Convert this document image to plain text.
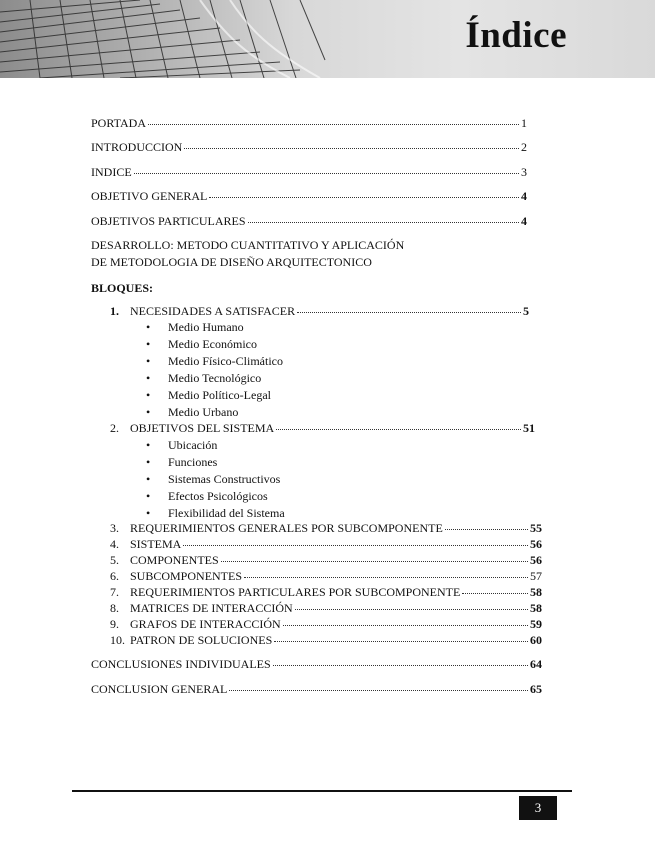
Índice
PORTADA	1
INTRODUCCION	2
INDICE	3
OBJETIVO GENERAL	4
OBJETIVOS PARTICULARES	4
DESARROLLO: METODO CUANTITATIVO Y APLICACIÓN
DE METODOLOGIA DE DISEÑO ARQUITECTONICO
BLOQUES:
1. NECESIDADES A SATISFACER	5
• Medio Humano
• Medio Económico
• Medio Físico-Climático
• Medio Tecnológico
• Medio Político-Legal
• Medio Urbano
2. OBJETIVOS DEL SISTEMA	51
• Ubicación
• Funciones
• Sistemas Constructivos
• Efectos Psicológicos
• Flexibilidad del Sistema
3. REQUERIMIENTOS GENERALES POR SUBCOMPONENTE	55
4. SISTEMA	56
5. COMPONENTES	56
6. SUBCOMPONENTES	57
7. REQUERIMIENTOS PARTICULARES POR SUBCOMPONENTE	58
8. MATRICES DE INTERACCIÓN	58
9. GRAFOS DE INTERACCIÓN	59
10. PATRON DE SOLUCIONES	60
CONCLUSIONES INDIVIDUALES	64
CONCLUSION GENERAL	65
3
